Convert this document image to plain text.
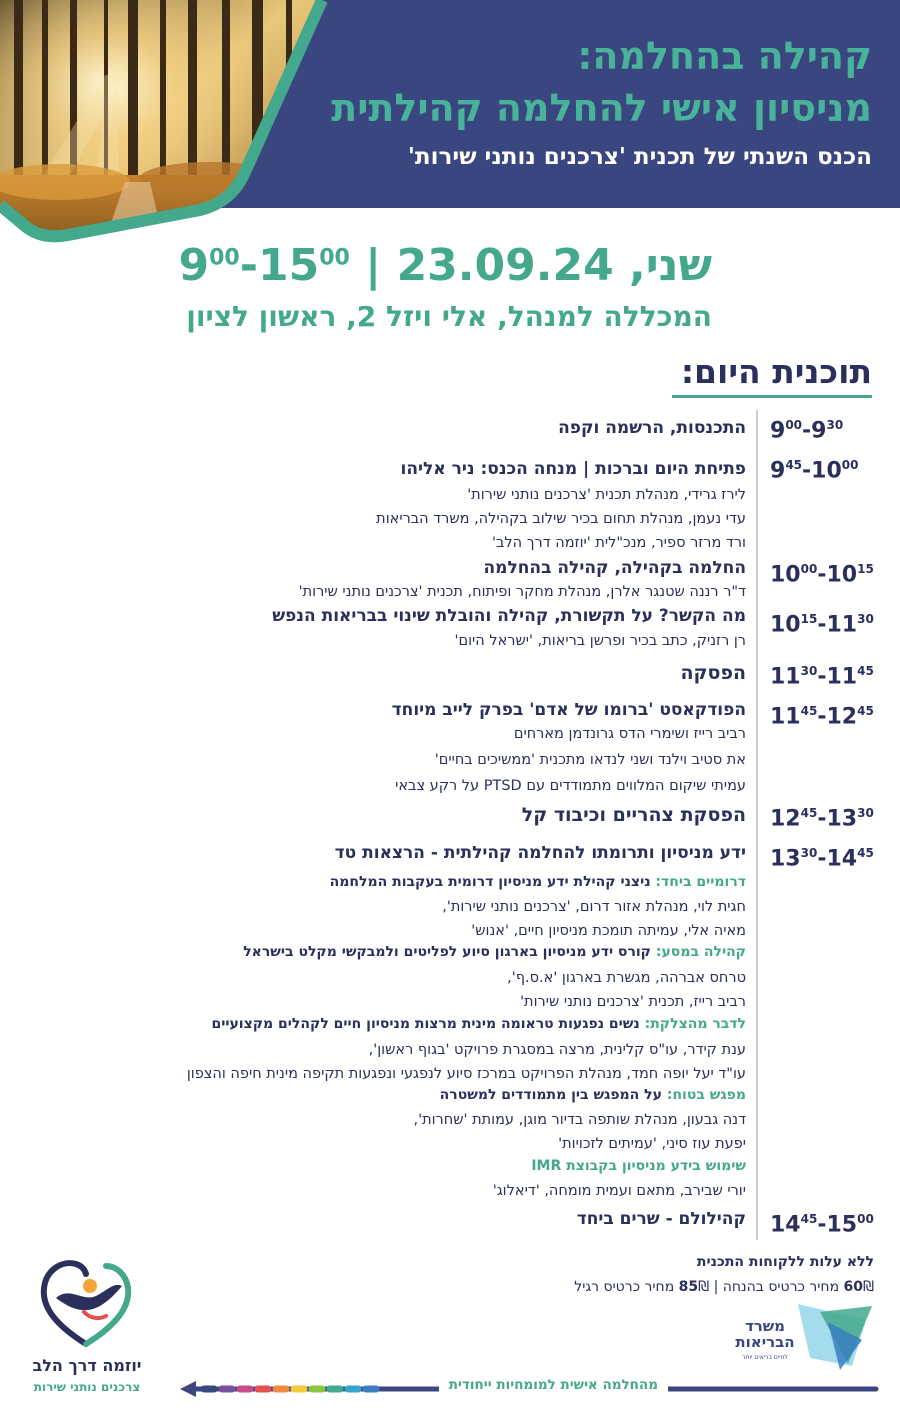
קהילה בהחלמה:
מניסיון אישי להחלמה קהילתית
הכנס השנתי של תכנית 'צרכנים נותני שירות'
שני, 23.09.24 | $9^{00}-15^{00}$
המכללה למנהל, אלי ויזל 2, ראשון לציון
תוכנית היום:
$9^{00}-9^{30}$
התכנסות, הרשמה וקפה
$9^{45}-10^{00}$
פתיחת היום וברכות | מנחה הכנס: ניר אליהו
לירז גרידי, מנהלת תכנית 'צרכנים נותני שירות'
עדי נעמן, מנהלת תחום בכיר שילוב בקהילה, משרד הבריאות
ורד מרזר ספיר, מנכ"לית 'יוזמה דרך הלב'
$10^{00}-10^{15}$
החלמה בקהילה, קהילה בהחלמה
ד"ר רננה שטנגר אלרן, מנהלת מחקר ופיתוח, תכנית 'צרכנים נותני שירות'
$10^{15}-11^{30}$
מה הקשר? על תקשורת, קהילה והובלת שינוי בבריאות הנפש
רן רזניק, כתב בכיר ופרשן בריאות, 'ישראל היום'
$11^{30}-11^{45}$
הפסקה
$11^{45}-12^{45}$
הפודקאסט 'ברומו של אדם' בפרק לייב מיוחד
רביב רייז ושימרי הדס גרונדמן מארחים
את סטיב וילנד ושני לנדאו מתכנית 'ממשיכים בחיים'
עמיתי שיקום המלווים מתמודדים עם PTSD על רקע צבאי
$12^{45}-13^{30}$
הפסקת צהריים וכיבוד קל
$13^{30}-14^{45}$
ידע מניסיון ותרומתו להחלמה קהילתית - הרצאות טד
דרומיים ביחד: ניצני קהילת ידע מניסיון דרומית בעקבות המלחמה
חגית לוי, מנהלת אזור דרום, 'צרכנים נותני שירות',
מאיה אלי, עמיתה תומכת מניסיון חיים, 'אנוש'
קהילה במסע: קורס ידע מניסיון בארגון סיוע לפליטים ולמבקשי מקלט בישראל
טרחס אברהה, מגשרת בארגון 'א.ס.ף',
רביב רייז, תכנית 'צרכנים נותני שירות'
לדבר מהצלקת: נשים נפגעות טראומה מינית מרצות מניסיון חיים לקהלים מקצועיים
ענת קידר, עו"ס קלינית, מרצה במסגרת פרויקט 'בגוף ראשון',
עו"ד יעל יופה חמד, מנהלת הפרויקט במרכז סיוע לנפגעי ונפגעות תקיפה מינית חיפה והצפון
מפגש בטוח: על המפגש בין מתמודדים למשטרה
דנה גבעון, מנהלת שותפה בדיור מוגן, עמותת 'שחרות',
יפעת עוז סיני, 'עמיתים לזכויות'
שימוש בידע מניסיון בקבוצת IMR
יורי שבירב, מתאם ועמית מומחה, 'דיאלוג'
$14^{45}-15^{00}$
קהילולם - שרים ביחד
ללא עלות ללקוחות התכנית
60₪ מחיר כרטיס בהנחה | 85₪ מחיר כרטיס רגיל
משרד הבריאות
לחיים בריאים יותר
יוזמה דרך הלב
צרכנים נותני שירות	מהחלמה אישית למומחיות ייחודית
